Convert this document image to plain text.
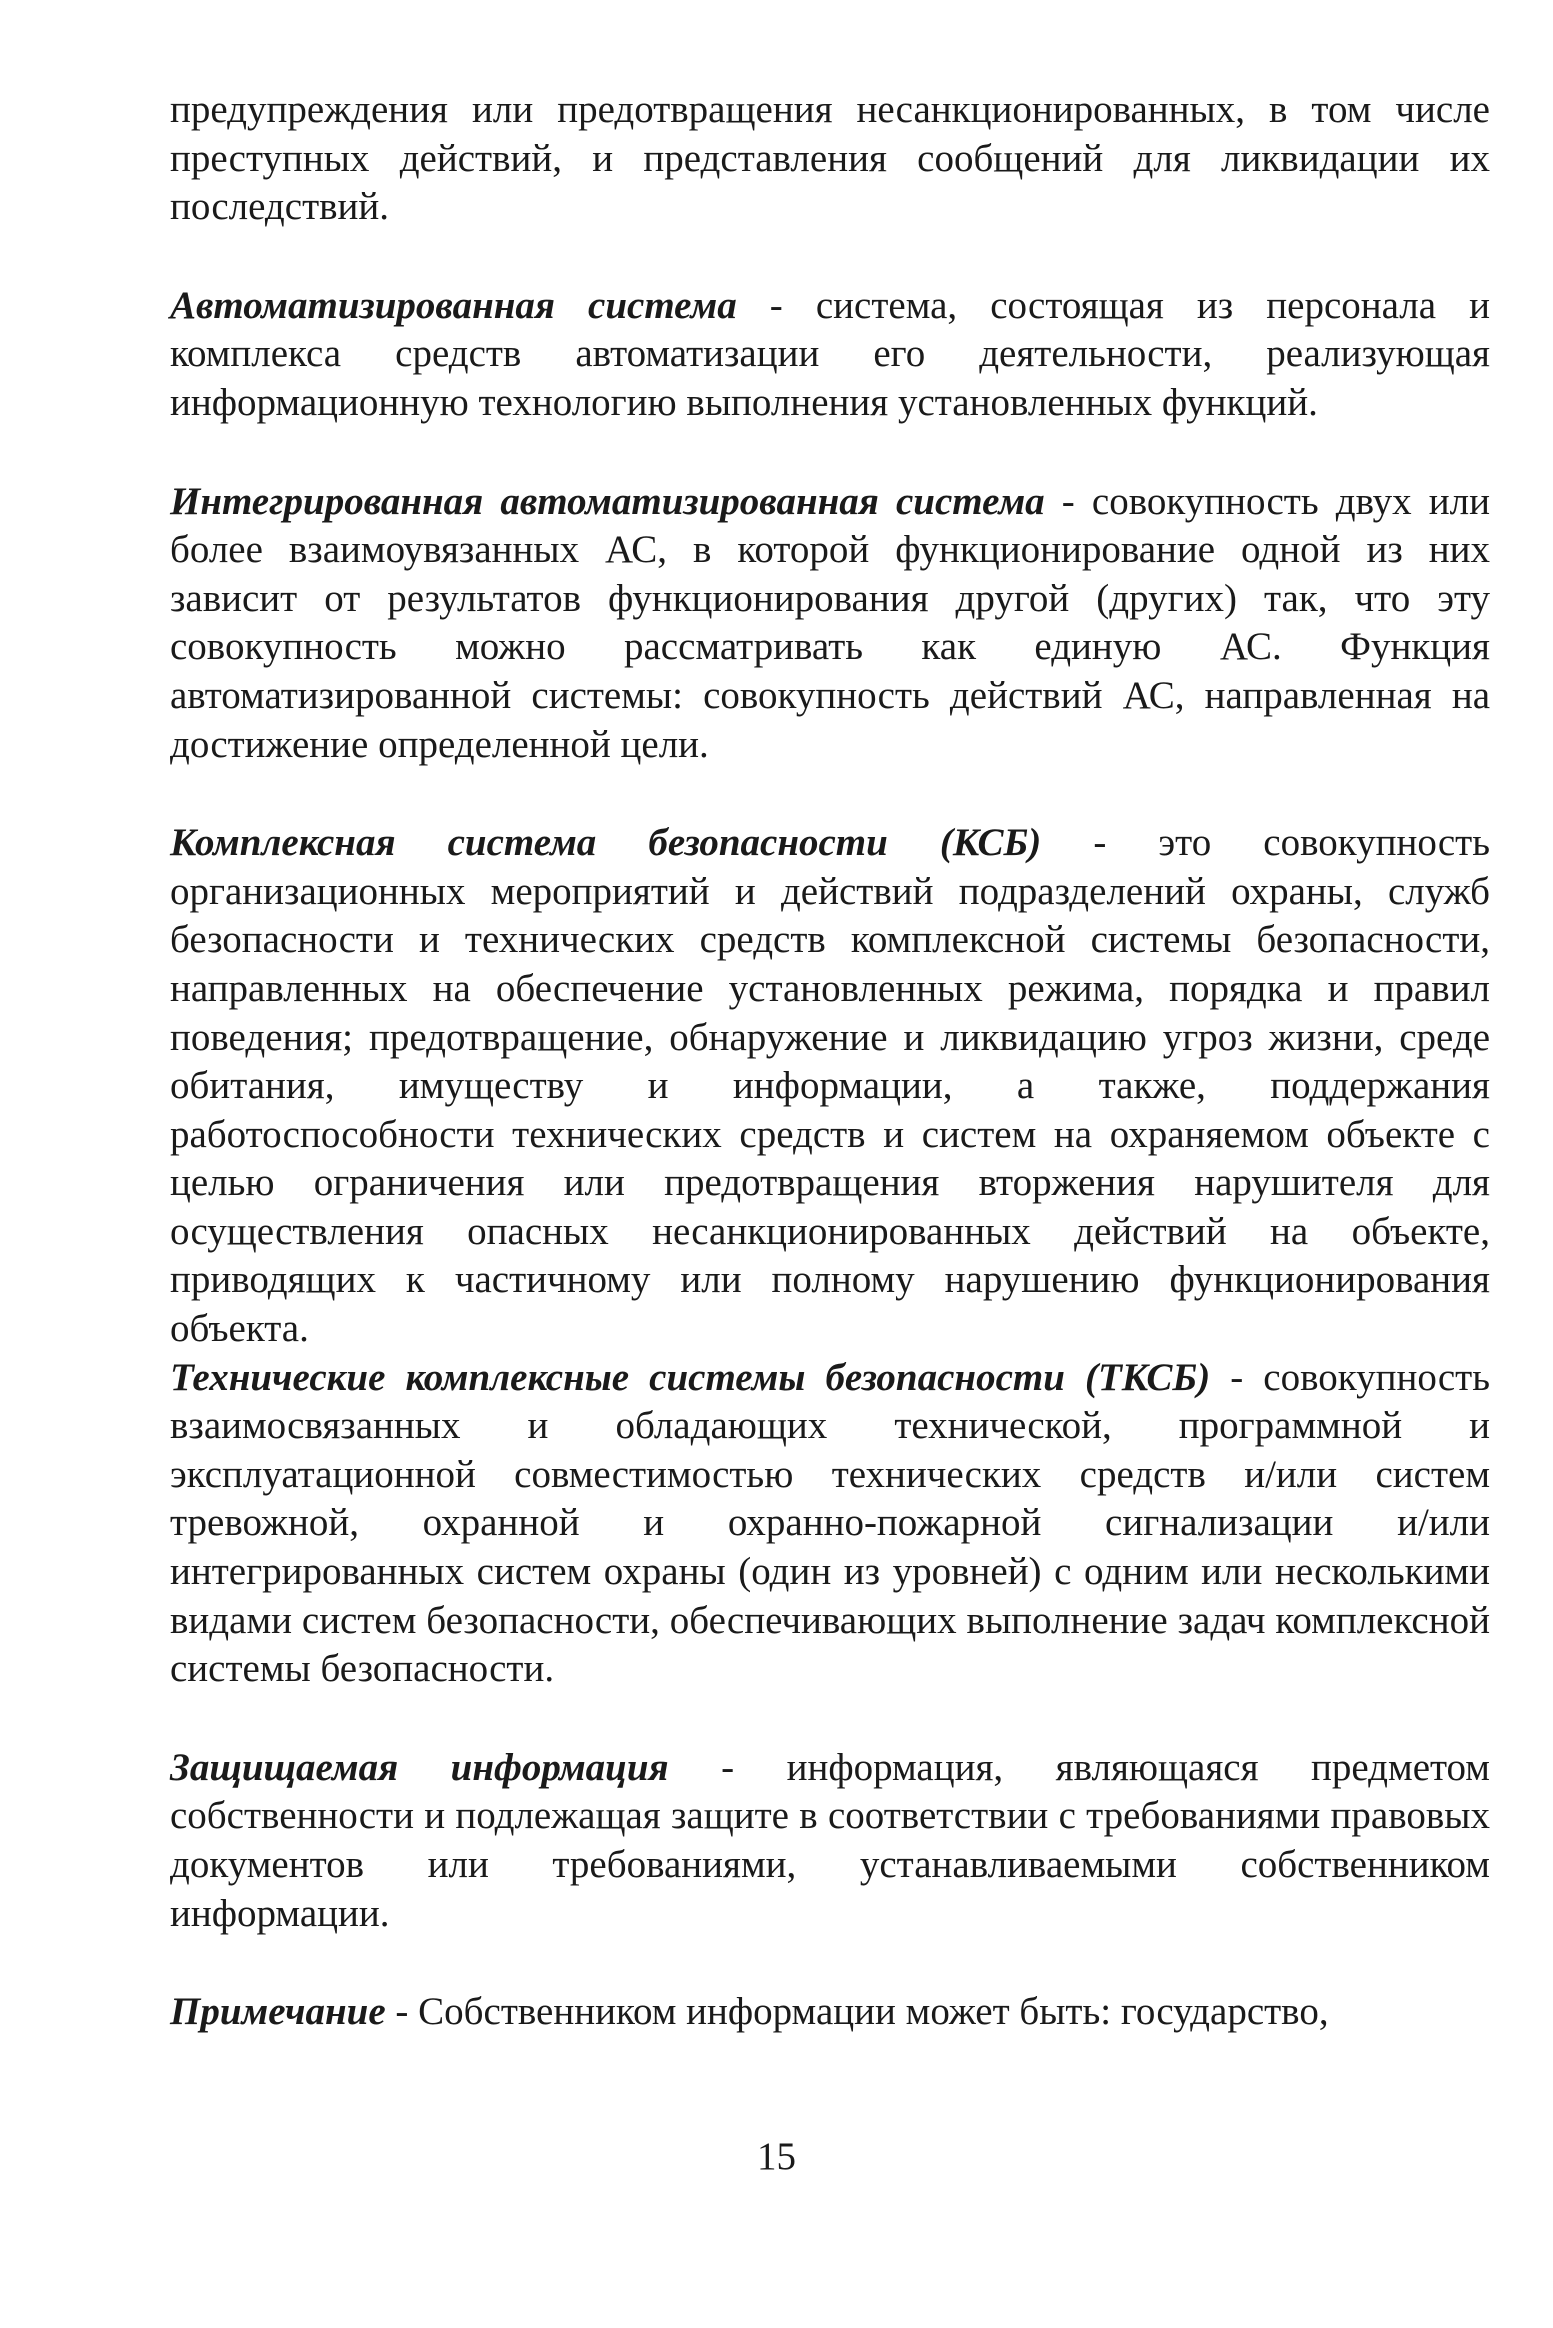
предупреждения или предотвращения несанкционированных, в том числе преступных действий, и представления сообщений для ликвидации их последствий.

Автоматизированная система - система, состоящая из персонала и комплекса средств автоматизации его деятельности, реализующая информационную технологию выполнения установленных функций.

Интегрированная автоматизированная система - совокупность двух или более взаимоувязанных АС, в которой функционирование одной из них зависит от результатов функционирования другой (других) так, что эту совокупность можно рассматривать как единую АС. Функция автоматизированной системы: совокупность действий АС, направленная на достижение определенной цели.

Комплексная система безопасности (КСБ) - это совокупность организационных мероприятий и действий подразделений охраны, служб безопасности и технических средств комплексной системы безопасности, направленных на обеспечение установленных режима, порядка и правил поведения; предотвращение, обнаружение и ликвидацию угроз жизни, среде обитания, имуществу и информации, а также, поддержания работоспособности технических средств и систем на охраняемом объекте с целью ограничения или предотвращения вторжения нарушителя для осуществления опасных несанкционированных действий на объекте, приводящих к частичному или полному нарушению функционирования объекта.

Технические комплексные системы безопасности (ТКСБ) - совокупность взаимосвязанных и обладающих технической, программной и эксплуатационной совместимостью технических средств и/или систем тревожной, охранной и охранно-пожарной сигнализации и/или интегрированных систем охраны (один из уровней) с одним или несколькими видами систем безопасности, обеспечивающих выполнение задач комплексной системы безопасности.

Защищаемая информация - информация, являющаяся предметом собственности и подлежащая защите в соответствии с требованиями правовых документов или требованиями, устанавливаемыми собственником информации.

Примечание - Собственником информации может быть: государство,

15
